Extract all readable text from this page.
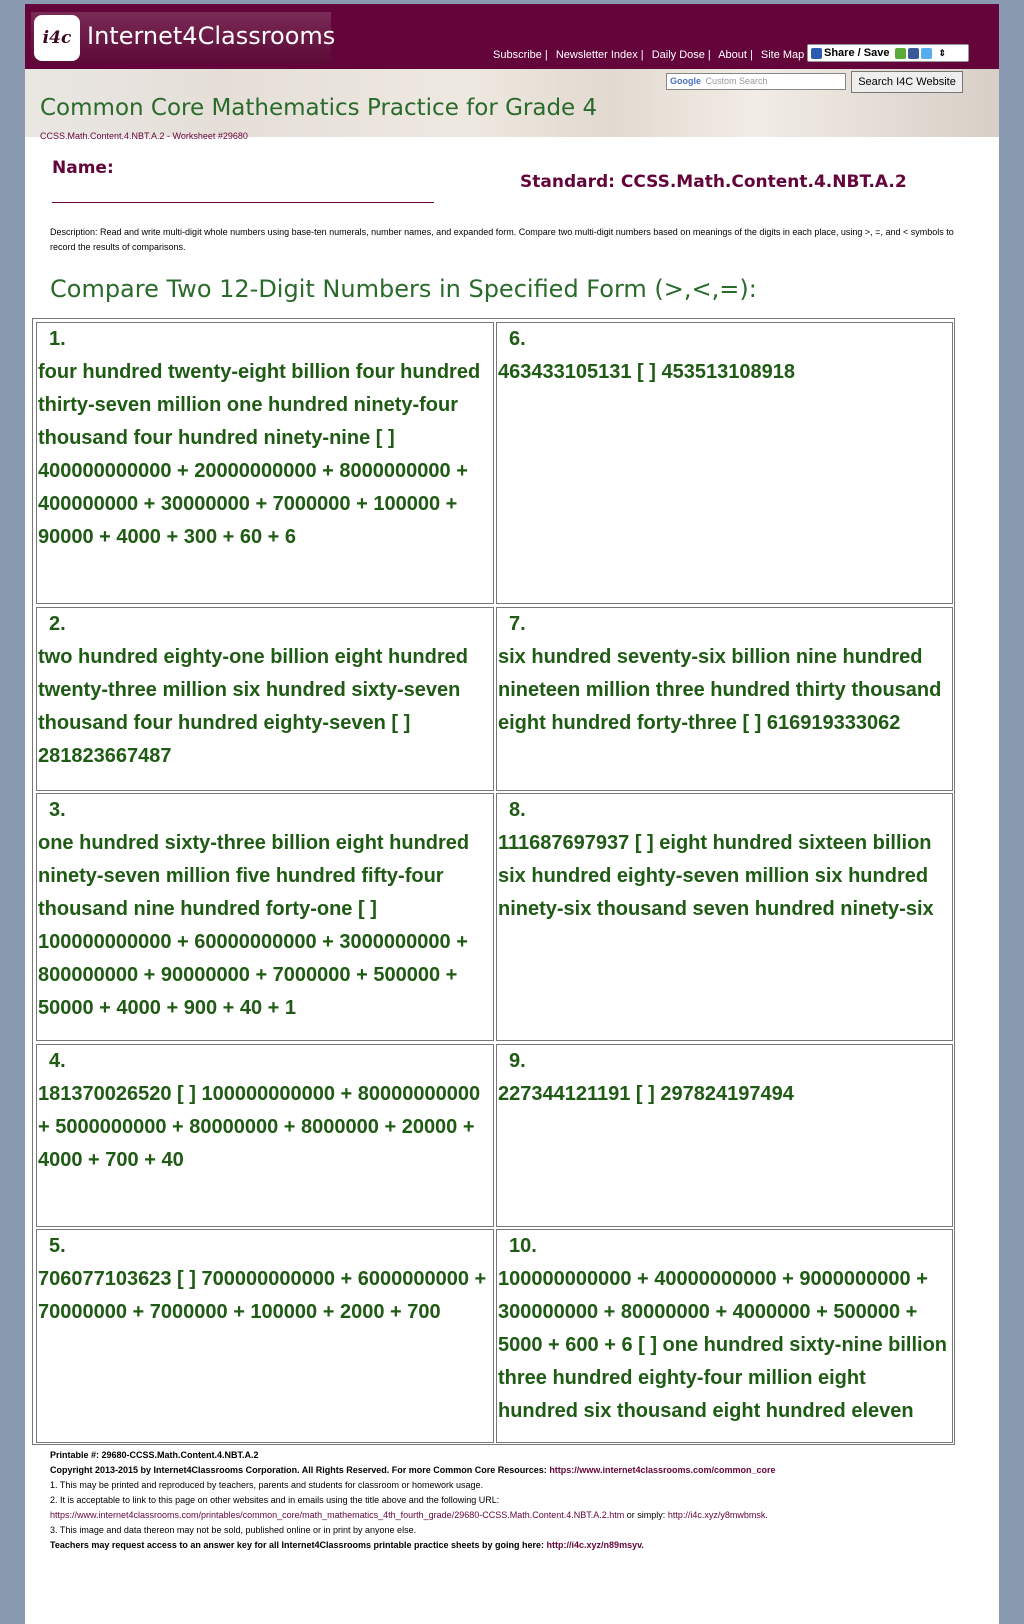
i4c Internet4Classrooms
Subscribe | Newsletter Index | Daily Dose | About | Site Map Share / Save	⇕
Google Custom Search	Search I4C Website
Common Core Mathematics Practice for Grade 4
CCSS.Math.Content.4.NBT.A.2 - Worksheet #29680
Name:
Standard: CCSS.Math.Content.4.NBT.A.2
Description: Read and write multi-digit whole numbers using base-ten numerals, number names, and expanded form. Compare two multi-digit numbers based on meanings of the digits in each place, using >, =, and < symbols to record the results of comparisons.
Compare Two 12-Digit Numbers in Specified Form (>,<,=):
1.
four hundred twenty-eight billion four hundred thirty-seven million one hundred ninety-four thousand four hundred ninety-nine [ ] 400000000000 + 20000000000 + 8000000000 + 400000000 + 30000000 + 7000000 + 100000 + 90000 + 4000 + 300 + 60 + 6
6.
463433105131 [ ] 453513108918
2.
two hundred eighty-one billion eight hundred twenty-three million six hundred sixty-seven thousand four hundred eighty-seven [ ] 281823667487
7.
six hundred seventy-six billion nine hundred nineteen million three hundred thirty thousand eight hundred forty-three [ ] 616919333062
3.
one hundred sixty-three billion eight hundred ninety-seven million five hundred fifty-four thousand nine hundred forty-one [ ] 100000000000 + 60000000000 + 3000000000 + 800000000 + 90000000 + 7000000 + 500000 + 50000 + 4000 + 900 + 40 + 1
8.
111687697937 [ ] eight hundred sixteen billion six hundred eighty-seven million six hundred ninety-six thousand seven hundred ninety-six
4.
181370026520 [ ] 100000000000 + 80000000000 + 5000000000 + 80000000 + 8000000 + 20000 + 4000 + 700 + 40
9.
227344121191 [ ] 297824197494
5.
706077103623 [ ] 700000000000 + 6000000000 + 70000000 + 7000000 + 100000 + 2000 + 700
10.
100000000000 + 40000000000 + 9000000000 + 300000000 + 80000000 + 4000000 + 500000 + 5000 + 600 + 6 [ ] one hundred sixty-nine billion three hundred eighty-four million eight hundred six thousand eight hundred eleven
Printable #: 29680-CCSS.Math.Content.4.NBT.A.2
Copyright 2013-2015 by Internet4Classrooms Corporation. All Rights Reserved. For more Common Core Resources: https://www.internet4classrooms.com/common_core
1. This may be printed and reproduced by teachers, parents and students for classroom or homework usage.
2. It is acceptable to link to this page on other websites and in emails using the title above and the following URL:
https://www.internet4classrooms.com/printables/common_core/math_mathematics_4th_fourth_grade/29680-CCSS.Math.Content.4.NBT.A.2.htm or simply: http://i4c.xyz/y8mwbmsk.
3. This image and data thereon may not be sold, published online or in print by anyone else.
Teachers may request access to an answer key for all Internet4Classrooms printable practice sheets by going here: http://i4c.xyz/n89msyv.
